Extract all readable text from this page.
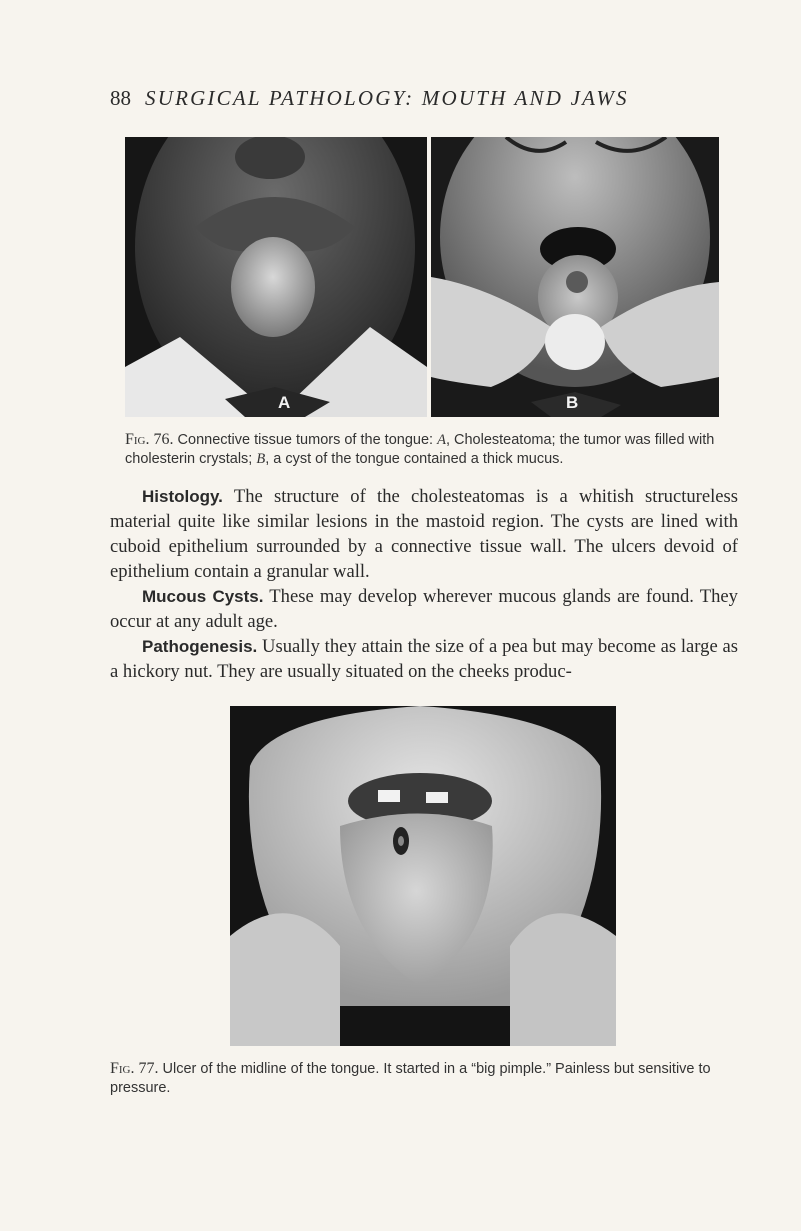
88 SURGICAL PATHOLOGY: MOUTH AND JAWS
A	B
Fig. 76. Connective tissue tumors of the tongue: A, Cholesteatoma; the tumor was filled with cholesterin crystals; B, a cyst of the tongue contained a thick mucus.
Histology. The structure of the cholesteatomas is a whitish structureless material quite like similar lesions in the mastoid region. The cysts are lined with cuboid epithelium surrounded by a connective tissue wall. The ulcers devoid of epithelium contain a granular wall.
Mucous Cysts. These may develop wherever mucous glands are found. They occur at any adult age.
Pathogenesis. Usually they attain the size of a pea but may become as large as a hickory nut. They are usually situated on the cheeks produc-
Fig. 77. Ulcer of the midline of the tongue. It started in a “big pimple.” Painless but sensitive to pressure.
